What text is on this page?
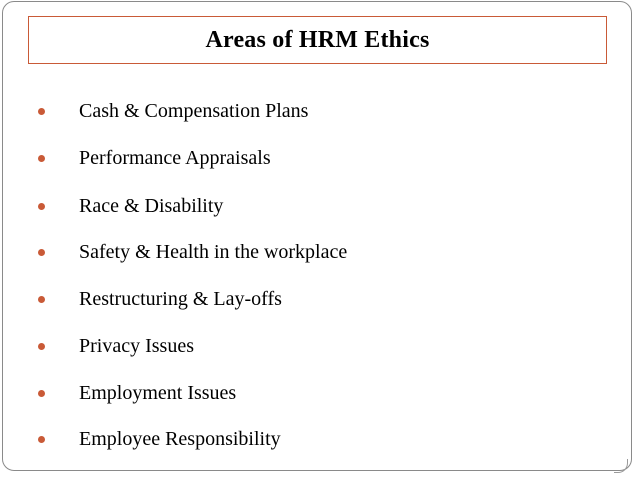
Areas of HRM Ethics
Cash & Compensation Plans
Performance Appraisals
Race & Disability
Safety & Health in the workplace
Restructuring & Lay-offs
Privacy Issues
Employment Issues
Employee Responsibility
